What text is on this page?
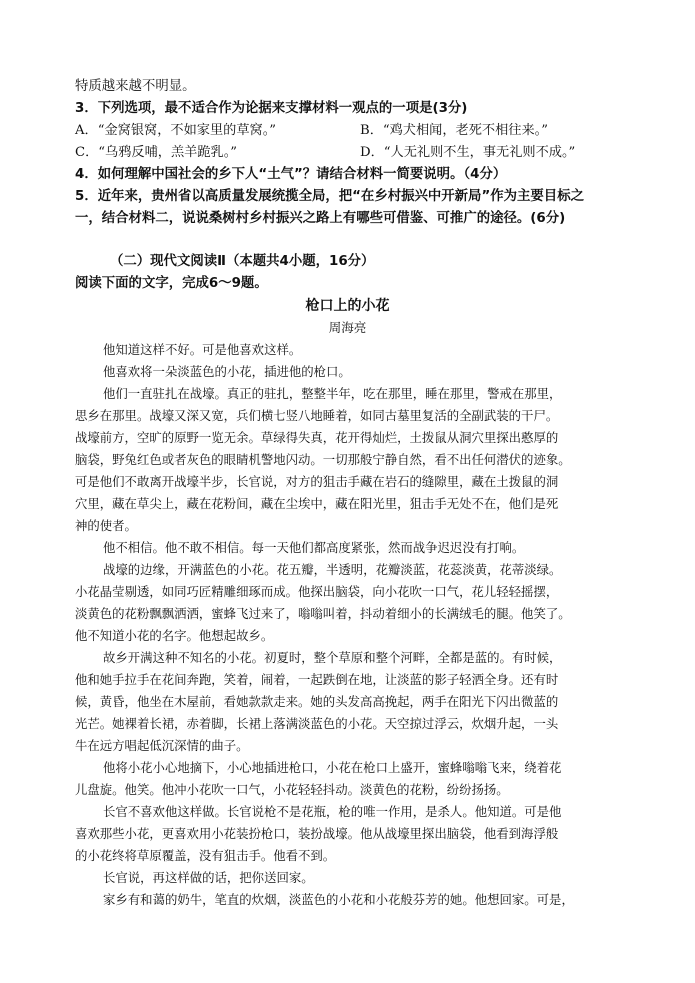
特质越来越不明显。
3．下列选项，最不适合作为论据来支撑材料一观点的一项是(3分)
A．“金窝银窝，不如家里的草窝。”	B．“鸡犬相闻，老死不相往来。”
C．“乌鸦反哺，羔羊跪乳。”	D．“人无礼则不生，事无礼则不成。”
4．如何理解中国社会的乡下人“土气”？请结合材料一简要说明。（4分）
5．近年来，贵州省以高质量发展统揽全局，把“在乡村振兴中开新局”作为主要目标之
一，结合材料二，说说桑树村乡村振兴之路上有哪些可借鉴、可推广的途径。(6分)
（二）现代文阅读Ⅱ（本题共4小题，16分）
阅读下面的文字，完成6～9题。
枪口上的小花
周海亮
他知道这样不好。可是他喜欢这样。
他喜欢将一朵淡蓝色的小花，插进他的枪口。
他们一直驻扎在战壕。真正的驻扎，整整半年，吃在那里，睡在那里，警戒在那里，
思乡在那里。战壕又深又宽，兵们横七竖八地睡着，如同古墓里复活的全副武装的干尸。
战壕前方，空旷的原野一览无余。草绿得失真，花开得灿烂，土拨鼠从洞穴里探出憨厚的
脑袋，野兔红色或者灰色的眼睛机警地闪动。一切那般宁静自然，看不出任何潜伏的迹象。
可是他们不敢离开战壕半步，长官说，对方的狙击手藏在岩石的缝隙里，藏在土拨鼠的洞
穴里，藏在草尖上，藏在花粉间，藏在尘埃中，藏在阳光里，狙击手无处不在，他们是死
神的使者。
他不相信。他不敢不相信。每一天他们都高度紧张，然而战争迟迟没有打响。
战壕的边缘，开满蓝色的小花。花五瓣，半透明，花瓣淡蓝，花蕊淡黄，花蒂淡绿。
小花晶莹剔透，如同巧匠精雕细琢而成。他探出脑袋，向小花吹一口气，花儿轻轻摇摆，
淡黄色的花粉飘飘洒洒，蜜蜂飞过来了，嗡嗡叫着，抖动着细小的长满绒毛的腿。他笑了。
他不知道小花的名字。他想起故乡。
故乡开满这种不知名的小花。初夏时，整个草原和整个河畔，全都是蓝的。有时候，
他和她手拉手在花间奔跑，笑着，闹着，一起跌倒在地，让淡蓝的影子轻洒全身。还有时
候，黄昏，他坐在木屋前，看她款款走来。她的头发高高挽起，两手在阳光下闪出微蓝的
光芒。她裸着长裙，赤着脚，长裙上落满淡蓝色的小花。天空掠过浮云，炊烟升起，一头
牛在远方唱起低沉深情的曲子。
他将小花小心地摘下，小心地插进枪口，小花在枪口上盛开，蜜蜂嗡嗡飞来，绕着花
儿盘旋。他笑。他冲小花吹一口气，小花轻轻抖动。淡黄色的花粉，纷纷扬扬。
长官不喜欢他这样做。长官说枪不是花瓶，枪的唯一作用，是杀人。他知道。可是他
喜欢那些小花，更喜欢用小花装扮枪口，装扮战壕。他从战壕里探出脑袋，他看到海浮般
的小花终将草原覆盖，没有狙击手。他看不到。
长官说，再这样做的话，把你送回家。
家乡有和蔼的奶牛，笔直的炊烟，淡蓝色的小花和小花般芬芳的她。他想回家。可是，
